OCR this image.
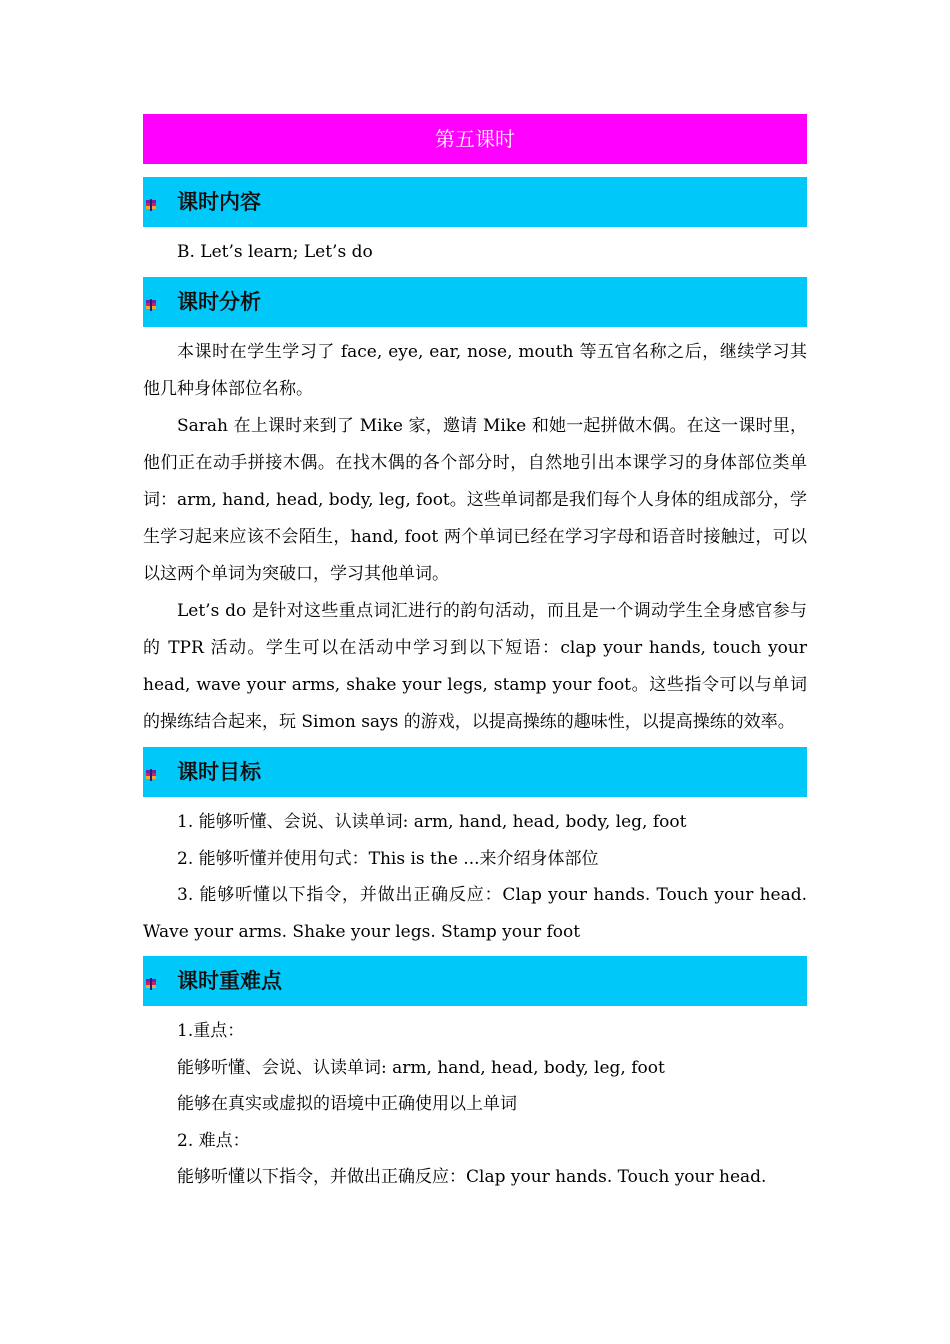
第五课时
课时内容

B. Let’s learn; Let’s do

课时分析

本课时在学生学习了 face, eye, ear, nose, mouth 等五官名称之后，继续学习其他几种身体部位名称。

Sarah 在上课时来到了 Mike 家，邀请 Mike 和她一起拼做木偶。在这一课时里，他们正在动手拼接木偶。在找木偶的各个部分时，自然地引出本课学习的身体部位类单词：arm, hand, head, body, leg, foot。这些单词都是我们每个人身体的组成部分，学生学习起来应该不会陌生，hand, foot 两个单词已经在学习字母和语音时接触过，可以以这两个单词为突破口，学习其他单词。

Let’s do 是针对这些重点词汇进行的韵句活动，而且是一个调动学生全身感官参与的 TPR 活动。学生可以在活动中学习到以下短语：clap your hands, touch your head, wave your arms, shake your legs, stamp your foot。这些指令可以与单词的操练结合起来，玩 Simon says 的游戏，以提高操练的趣味性，以提高操练的效率。

课时目标

1. 能够听懂、会说、认读单词: arm, hand, head, body, leg, foot

2. 能够听懂并使用句式：This is the ...来介绍身体部位

3. 能够听懂以下指令，并做出正确反应：Clap your hands. Touch your head. Wave your arms. Shake your legs. Stamp your foot

课时重难点

1.重点：

能够听懂、会说、认读单词: arm, hand, head, body, leg, foot

能够在真实或虚拟的语境中正确使用以上单词

2. 难点：

能够听懂以下指令，并做出正确反应：Clap your hands. Touch your head.
